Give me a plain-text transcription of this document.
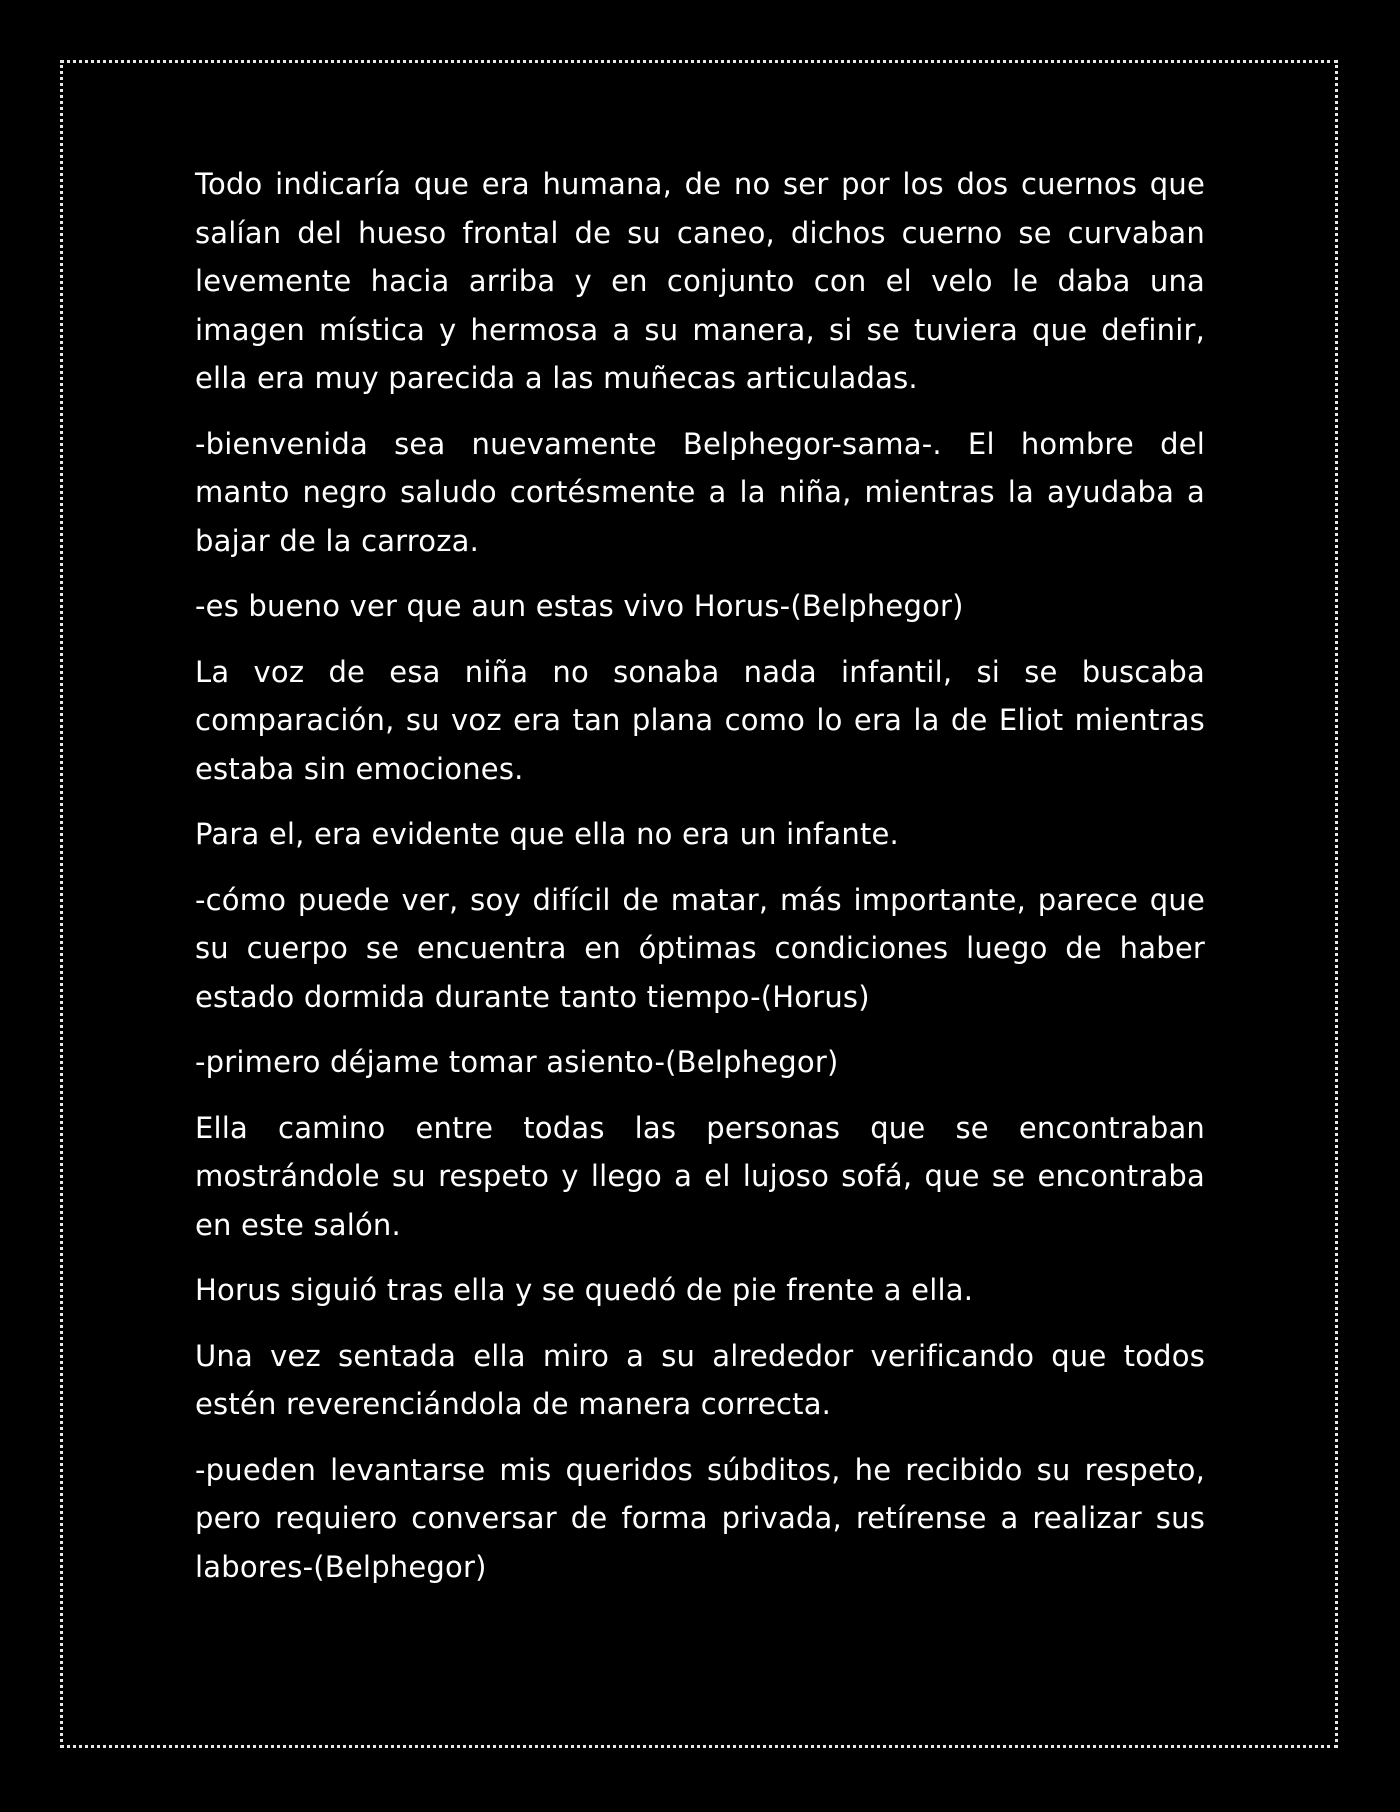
Todo indicaría que era humana, de no ser por los dos cuernos que salían del hueso frontal de su caneo, dichos cuerno se curvaban levemente hacia arriba y en conjunto con el velo le daba una imagen mística y hermosa a su manera, si se tuviera que definir, ella era muy parecida a las muñecas articuladas.

-bienvenida sea nuevamente Belphegor-sama-. El hombre del manto negro saludo cortésmente a la niña, mientras la ayudaba a bajar de la carroza.

-es bueno ver que aun estas vivo Horus-(Belphegor)

La voz de esa niña no sonaba nada infantil, si se buscaba comparación, su voz era tan plana como lo era la de Eliot mientras estaba sin emociones.

Para el, era evidente que ella no era un infante.

-cómo puede ver, soy difícil de matar, más importante, parece que su cuerpo se encuentra en óptimas condiciones luego de haber estado dormida durante tanto tiempo-(Horus)

-primero déjame tomar asiento-(Belphegor)

Ella camino entre todas las personas que se encontraban mostrándole su respeto y llego a el lujoso sofá, que se encontraba en este salón.

Horus siguió tras ella y se quedó de pie frente a ella.

Una vez sentada ella miro a su alrededor verificando que todos estén reverenciándola de manera correcta.

-pueden levantarse mis queridos súbditos, he recibido su respeto, pero requiero conversar de forma privada, retírense a realizar sus labores-(Belphegor)
